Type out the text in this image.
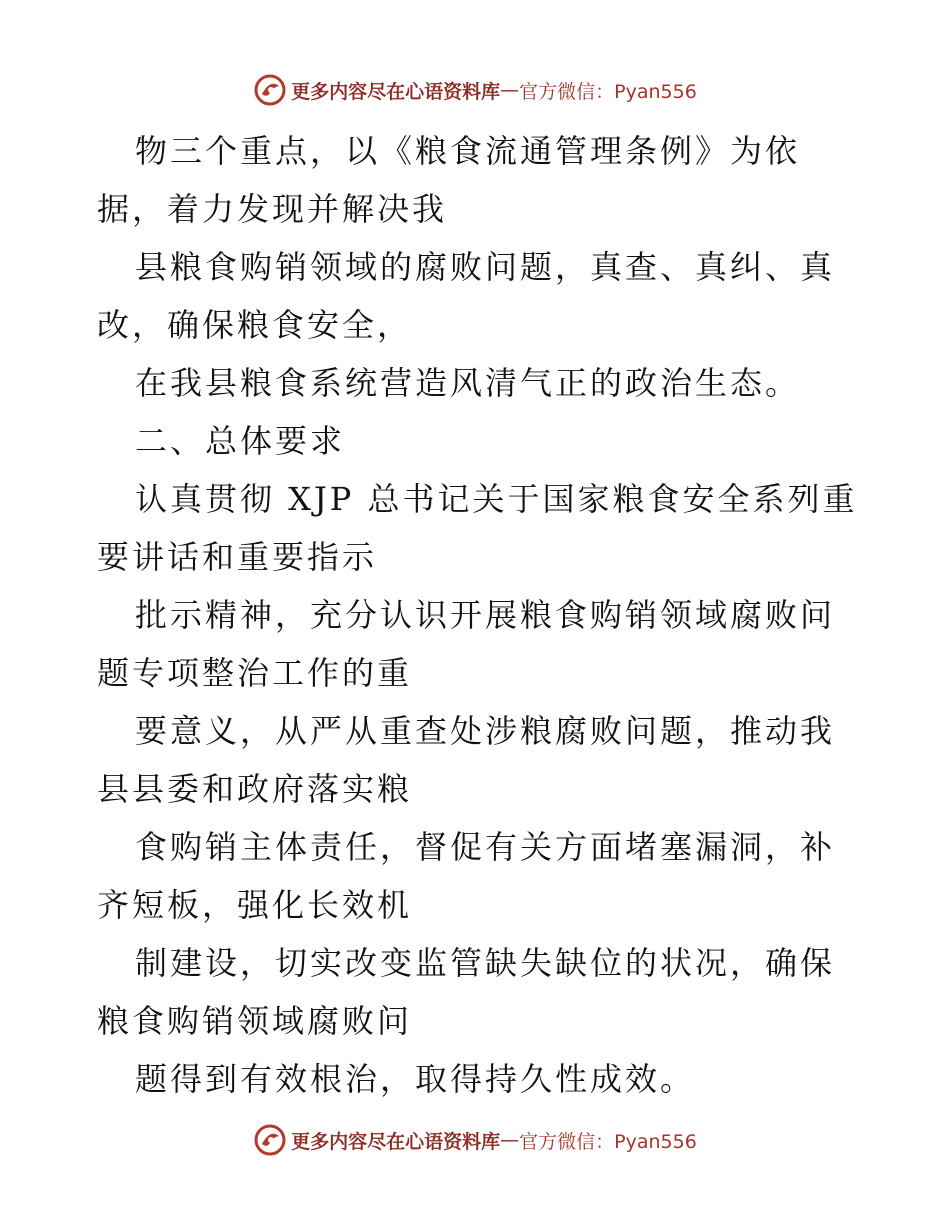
更多内容尽在心语资料库 — 官方微信：Pyan556

物三个重点，以《粮食流通管理条例》为依据，着力发现并解决我

县粮食购销领域的腐败问题，真查、真纠、真改，确保粮食安全，

在我县粮食系统营造风清气正的政治生态。

二、总体要求

认真贯彻 XJP 总书记关于国家粮食安全系列重要讲话和重要指示

批示精神，充分认识开展粮食购销领域腐败问题专项整治工作的重

要意义，从严从重查处涉粮腐败问题，推动我县县委和政府落实粮

食购销主体责任，督促有关方面堵塞漏洞，补齐短板，强化长效机

制建设，切实改变监管缺失缺位的状况，确保粮食购销领域腐败问

题得到有效根治，取得持久性成效。

更多内容尽在心语资料库 — 官方微信：Pyan556
